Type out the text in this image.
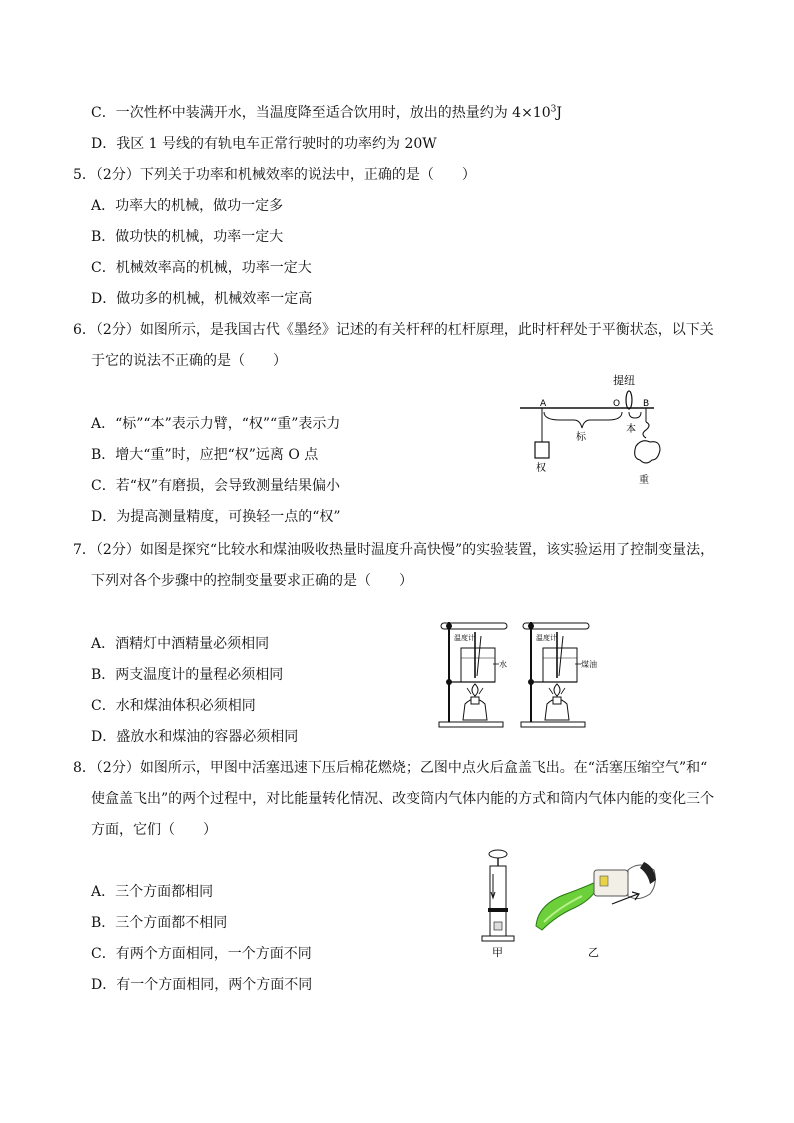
C．一次性杯中装满开水，当温度降至适合饮用时，放出的热量约为 $4\times 10^3J$
D．我区 1 号线的有轨电车正常行驶时的功率约为 20W
5．（2分）下列关于功率和机械效率的说法中，正确的是（　　）
A．功率大的机械，做功一定多
B．做功快的机械，功率一定大
C．机械效率高的机械，功率一定大
D．做功多的机械，机械效率一定高
6．（2分）如图所示，是我国古代《墨经》记述的有关杆秤的杠杆原理，此时杆秤处于平衡状态，以下关
于它的说法不正确的是（　　）
A．“标”“本”表示力臂，“权”“重”表示力
B．增大“重”时，应把“权”远离 O 点
C．若“权”有磨损，会导致测量结果偏小
D．为提高测量精度，可换轻一点的“权”
提纽
A	O	B
权
标
本
重
7．（2分）如图是探究“比较水和煤油吸收热量时温度升高快慢”的实验装置，该实验运用了控制变量法，
下列对各个步骤中的控制变量要求正确的是（　　）
A．酒精灯中酒精量必须相同
B．两支温度计的量程必须相同
C．水和煤油体积必须相同
D．盛放水和煤油的容器必须相同
温度计
水
温度计
煤油
8．（2分）如图所示，甲图中活塞迅速下压后棉花燃烧；乙图中点火后盒盖飞出。在“活塞压缩空气”和“
使盒盖飞出”的两个过程中，对比能量转化情况、改变筒内气体内能的方式和筒内气体内能的变化三个
方面，它们（　　）
A．三个方面都相同
B．三个方面都不相同
C．有两个方面相同，一个方面不同
D．有一个方面相同，两个方面不同
甲	乙
